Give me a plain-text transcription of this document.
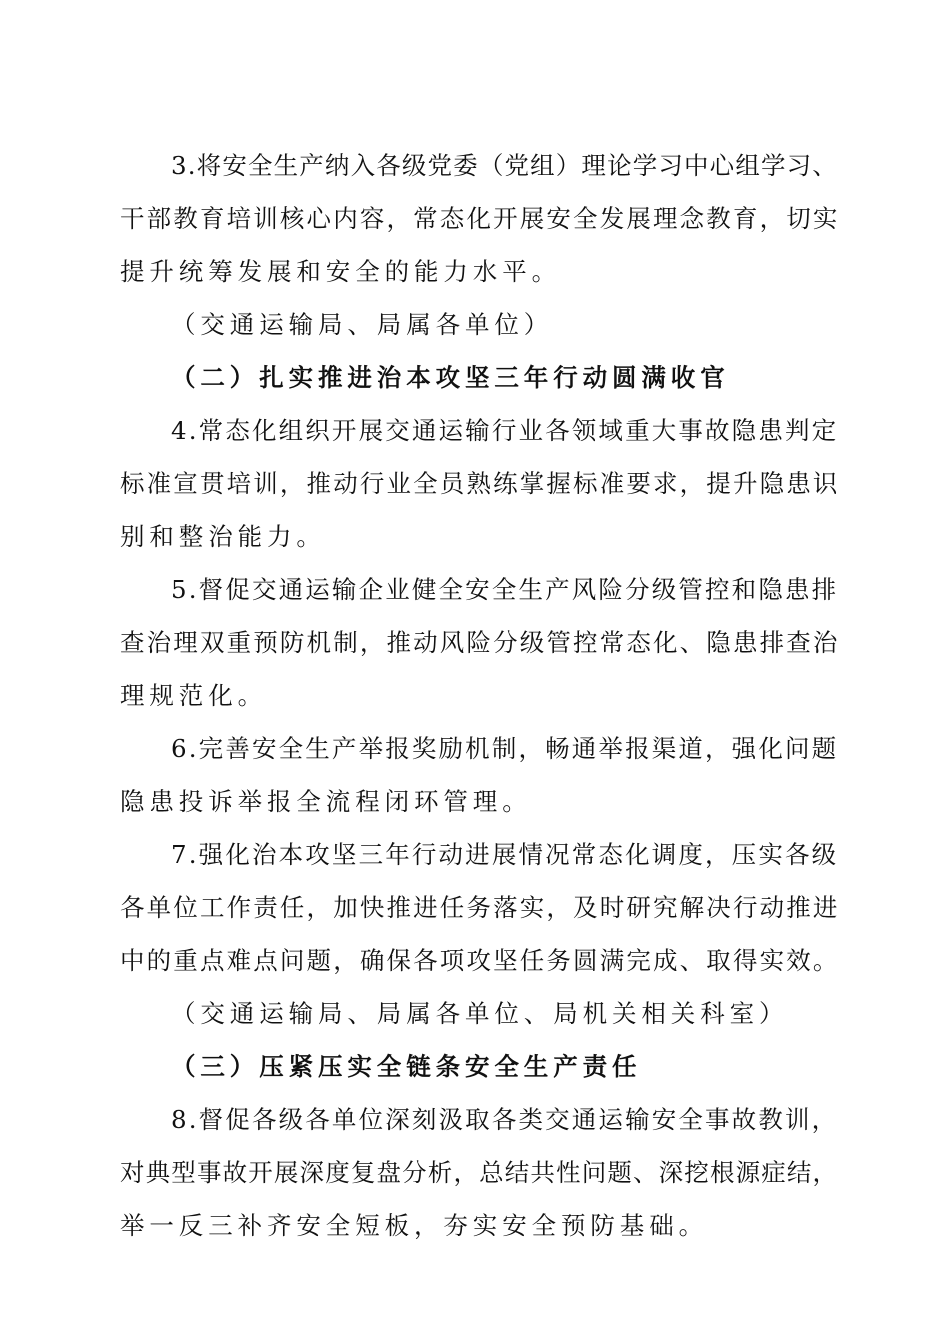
3.将安全生产纳入各级党委（党组）理论学习中心组学习、
干部教育培训核心内容，常态化开展安全发展理念教育，切实
提升统筹发展和安全的能力水平。
（交通运输局、局属各单位）
（二）扎实推进治本攻坚三年行动圆满收官
4.常态化组织开展交通运输行业各领域重大事故隐患判定
标准宣贯培训，推动行业全员熟练掌握标准要求，提升隐患识
别和整治能力。
5.督促交通运输企业健全安全生产风险分级管控和隐患排
查治理双重预防机制，推动风险分级管控常态化、隐患排查治
理规范化。
6.完善安全生产举报奖励机制，畅通举报渠道，强化问题
隐患投诉举报全流程闭环管理。
7.强化治本攻坚三年行动进展情况常态化调度，压实各级
各单位工作责任，加快推进任务落实，及时研究解决行动推进
中的重点难点问题，确保各项攻坚任务圆满完成、取得实效。
（交通运输局、局属各单位、局机关相关科室）
（三）压紧压实全链条安全生产责任
8.督促各级各单位深刻汲取各类交通运输安全事故教训，
对典型事故开展深度复盘分析，总结共性问题、深挖根源症结，
举一反三补齐安全短板，夯实安全预防基础。
